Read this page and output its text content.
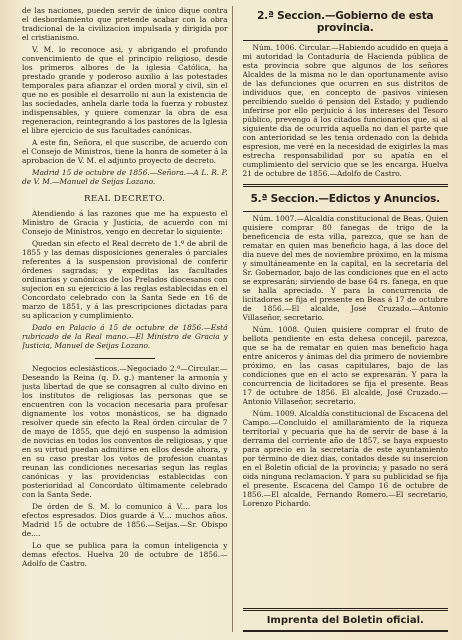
de las naciones, pueden servir de único dique contra el desbordamiento que pretende acabar con la obra tradicional de la civilizacion impulsada y dirigida por el cristianismo.

V. M. lo reconoce asi, y abrigando el profundo convencimiento de que el principio religioso, desde los primeros albores de la iglesia Católica, ha prestado grande y poderoso auxilio á las potestades temporales para afianzar el orden moral y civil, sin el que no es posible el desarrollo ni aun la existencia de las sociedades, anhela darle toda la fuerza y robustez indispensables, y quiere comenzar la obra de esa regeneracion, reintegrando á los pastores de la Iglesia el libre ejercicio de sus facultades canónicas.

A este fin, Señora, el que suscribe, de acuerdo con el Consejo de Ministros, tiene la honra de someter á la aprobacion de V. M. el adjunto proyecto de decreto.

Madrid 15 de octubre de 1856.—Señora.—A L. R. P. de V. M.—Manuel de Seijas Lozano.

REAL DECRETO.

Atendiendo á las razones que me ha expuesto el Ministro de Gracia y Justicia, de acuerdo con mi Consejo de Ministros, vengo en decretar lo siguiente:

Quedan sin efecto el Real decreto de 1.º de abril de 1855 y las demas disposiciones generales ó parciales referentes á la suspension provisional de conferir órdenes sagradas; y expeditas las facultades ordinarias y canónicas de los Prelados diocesanos con sujecion en su ejercicio á las reglas establecidas en el Concordato celebrado con la Santa Sede en 16 de marzo de 1851, y á las prescripciones dictadas para su aplicacion y cumplimiento.

Dado en Palacio á 15 de octubre de 1856.—Está rubricado de la Real mano.—El Ministro de Gracia y Justicia, Manuel de Seijas Lozano.

Negocios eclesiásticos.—Negociado 2.º—Circular.—Deseando la Reina (q. D. g.) mantener la armonía y justa libertad de que se consagren al culto divino en los institutos de religiosas las personas que se encuentren con la vocacion necesaria para profesar dignamente los votos monásticos, se ha dignado resolver quede sin efecto la Real órden circular de 7 de mayo de 1855, que dejó en suspenso la admision de novicias en todos los conventos de religiosas, y que en su virtud puedan admitirse en ellos desde ahora, y en su caso prestar los votos de profesion cuantas reunan las condiciones necesarias segun las reglas canónicas y las providencias establecidas con posterioridad al Concordato últimamente celebrado con la Santa Sede.

De órden de S. M. lo comunico á V.... para los efectos espresados. Dios guarde á V.... muchos años. Madrid 15 de octubre de 1856.—Seijas.—Sr. Obispo de....

Lo que se publica para la comun inteligencia y demas efectos. Huelva 20 de octubre de 1856.—Adolfo de Castro.

2.ª Seccion.—Gobierno de esta provincia.

Núm. 1006. Circular.—Habiendo acudido en queja á mi autoridad la Contaduría de Hacienda pública de esta provincia sobre que algunos de los señores Alcaldes de la misma no le dan oportunamente aviso de las defunciones que ocurren en sus distritos de individuos que, en concepto de pasivos viniesen percibiendo sueldo ó pension del Estado; y pudiendo inferirse por ello perjuicio á los intereses del Tesoro público, prevengo á los citados funcionarios que, si al siguiente dia de ocurrida aquella no dan el parte que con anterioridad se les tenia ordenado con la debida espresion, me veré en la necesidad de exigirles la mas estrecha responsabilidad por su apatía en el cumplimiento del servicio que se les encarga. Huelva 21 de octubre de 1856.—Adolfo de Castro.

5.ª Seccion.—Edictos y Anuncios.

Núm. 1007.—Alcaldía constitucional de Beas. Quien quisiere comprar 80 fanegas de trigo de la beneficencia de esta villa, parezca, que se han de rematar en quien mas beneficio haga, á las doce del dia nueve del mes de noviembre próximo, en la misma y simultáneamente en la capital, en la secretaría del Sr. Gobernador, bajo de las condiciones que en el acto se expresarán; sirviendo de base 64 rs. fanega, en que se halla apreciado. Y para la concurrencia de licitadores se fija el presente en Beas á 17 de octubre de 1856.—El alcalde, José Cruzado.—Antonio Villaseñor, secretario.

Núm. 1008. Quien quisiere comprar el fruto de bellota pendiente en esta dehesa concejil, parezca, que se ha de rematar en quien mas beneficio haga entre aniceros y ánimas del dia primero de noviembre próximo, en las casas capitulares, bajo de las condiciones que en el acto se expresarán. Y para la concurrencia de licitadores se fija el presente. Beas 17 de octubre de 1856. El alcalde, José Cruzado.—Antonio Villaseñor, secretario.

Núm. 1009. Alcaldía constitucional de Escacena del Campo.—Concluido el amillaramiento de la riqueza territorial y pecuaria que ha de servir de base á la derrama del corriente año de 1857, se haya expuesto para aprecio en la secretaría de este ayuntamiento por término de diez dias, contados desde su insercion en el Boletin oficial de la provincia; y pasado no será oida ninguna reclamacion. Y para su publicidad se fija el presente. Escacena del Campo 16 de octubre de 1856.—El alcalde, Fernando Romero.—El secretario, Lorenzo Pichardo.

Imprenta del Boletin oficial.
